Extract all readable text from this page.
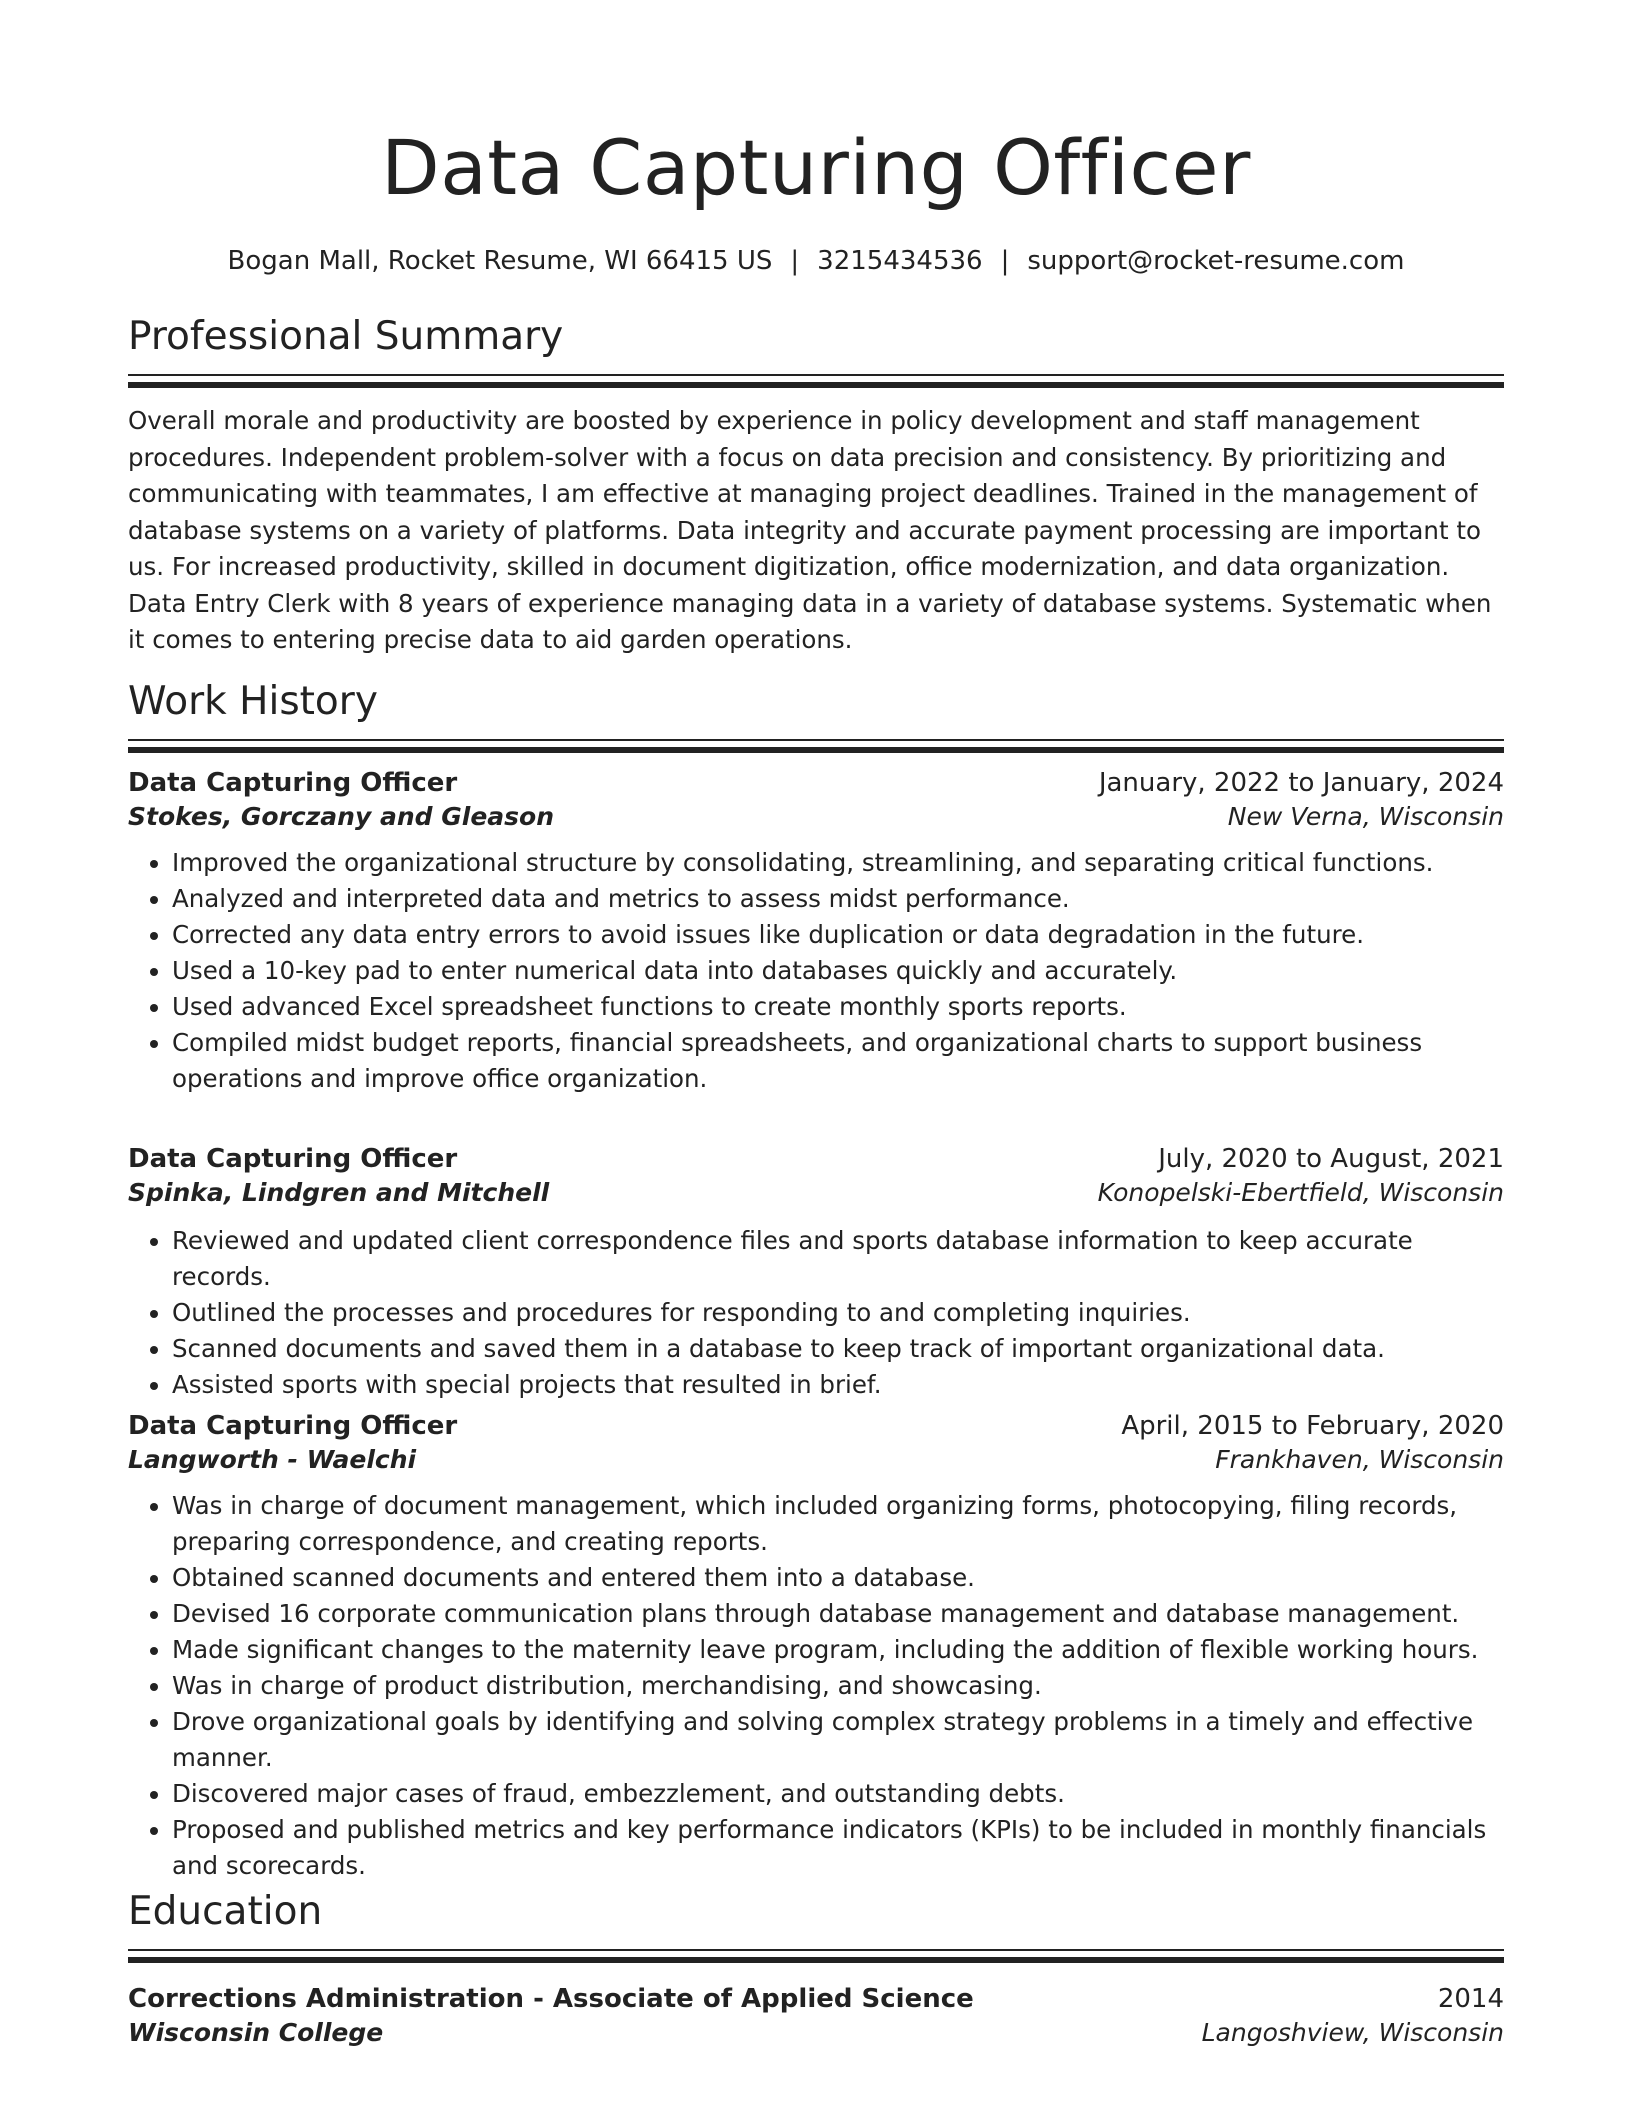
Data Capturing Officer
Bogan Mall, Rocket Resume, WI 66415 US | 3215434536 | support@rocket-resume.com
Professional Summary
Overall morale and productivity are boosted by experience in policy development and staff management procedures. Independent problem-solver with a focus on data precision and consistency. By prioritizing and communicating with teammates, I am effective at managing project deadlines. Trained in the management of database systems on a variety of platforms. Data integrity and accurate payment processing are important to us. For increased productivity, skilled in document digitization, office modernization, and data organization. Data Entry Clerk with 8 years of experience managing data in a variety of database systems. Systematic when it comes to entering precise data to aid garden operations.
Work History
Data Capturing Officer	January, 2022 to January, 2024
Stokes, Gorczany and Gleason	New Verna, Wisconsin
• Improved the organizational structure by consolidating, streamlining, and separating critical functions.
• Analyzed and interpreted data and metrics to assess midst performance.
• Corrected any data entry errors to avoid issues like duplication or data degradation in the future.
• Used a 10-key pad to enter numerical data into databases quickly and accurately.
• Used advanced Excel spreadsheet functions to create monthly sports reports.
• Compiled midst budget reports, financial spreadsheets, and organizational charts to support business operations and improve office organization.
Data Capturing Officer	July, 2020 to August, 2021
Spinka, Lindgren and Mitchell	Konopelski-Ebertfield, Wisconsin
• Reviewed and updated client correspondence files and sports database information to keep accurate records.
• Outlined the processes and procedures for responding to and completing inquiries.
• Scanned documents and saved them in a database to keep track of important organizational data.
• Assisted sports with special projects that resulted in brief.
Data Capturing Officer	April, 2015 to February, 2020
Langworth - Waelchi	Frankhaven, Wisconsin
• Was in charge of document management, which included organizing forms, photocopying, filing records, preparing correspondence, and creating reports.
• Obtained scanned documents and entered them into a database.
• Devised 16 corporate communication plans through database management and database management.
• Made significant changes to the maternity leave program, including the addition of flexible working hours.
• Was in charge of product distribution, merchandising, and showcasing.
• Drove organizational goals by identifying and solving complex strategy problems in a timely and effective manner.
• Discovered major cases of fraud, embezzlement, and outstanding debts.
• Proposed and published metrics and key performance indicators (KPIs) to be included in monthly financials and scorecards.
Education
Corrections Administration - Associate of Applied Science	2014
Wisconsin College	Langoshview, Wisconsin
